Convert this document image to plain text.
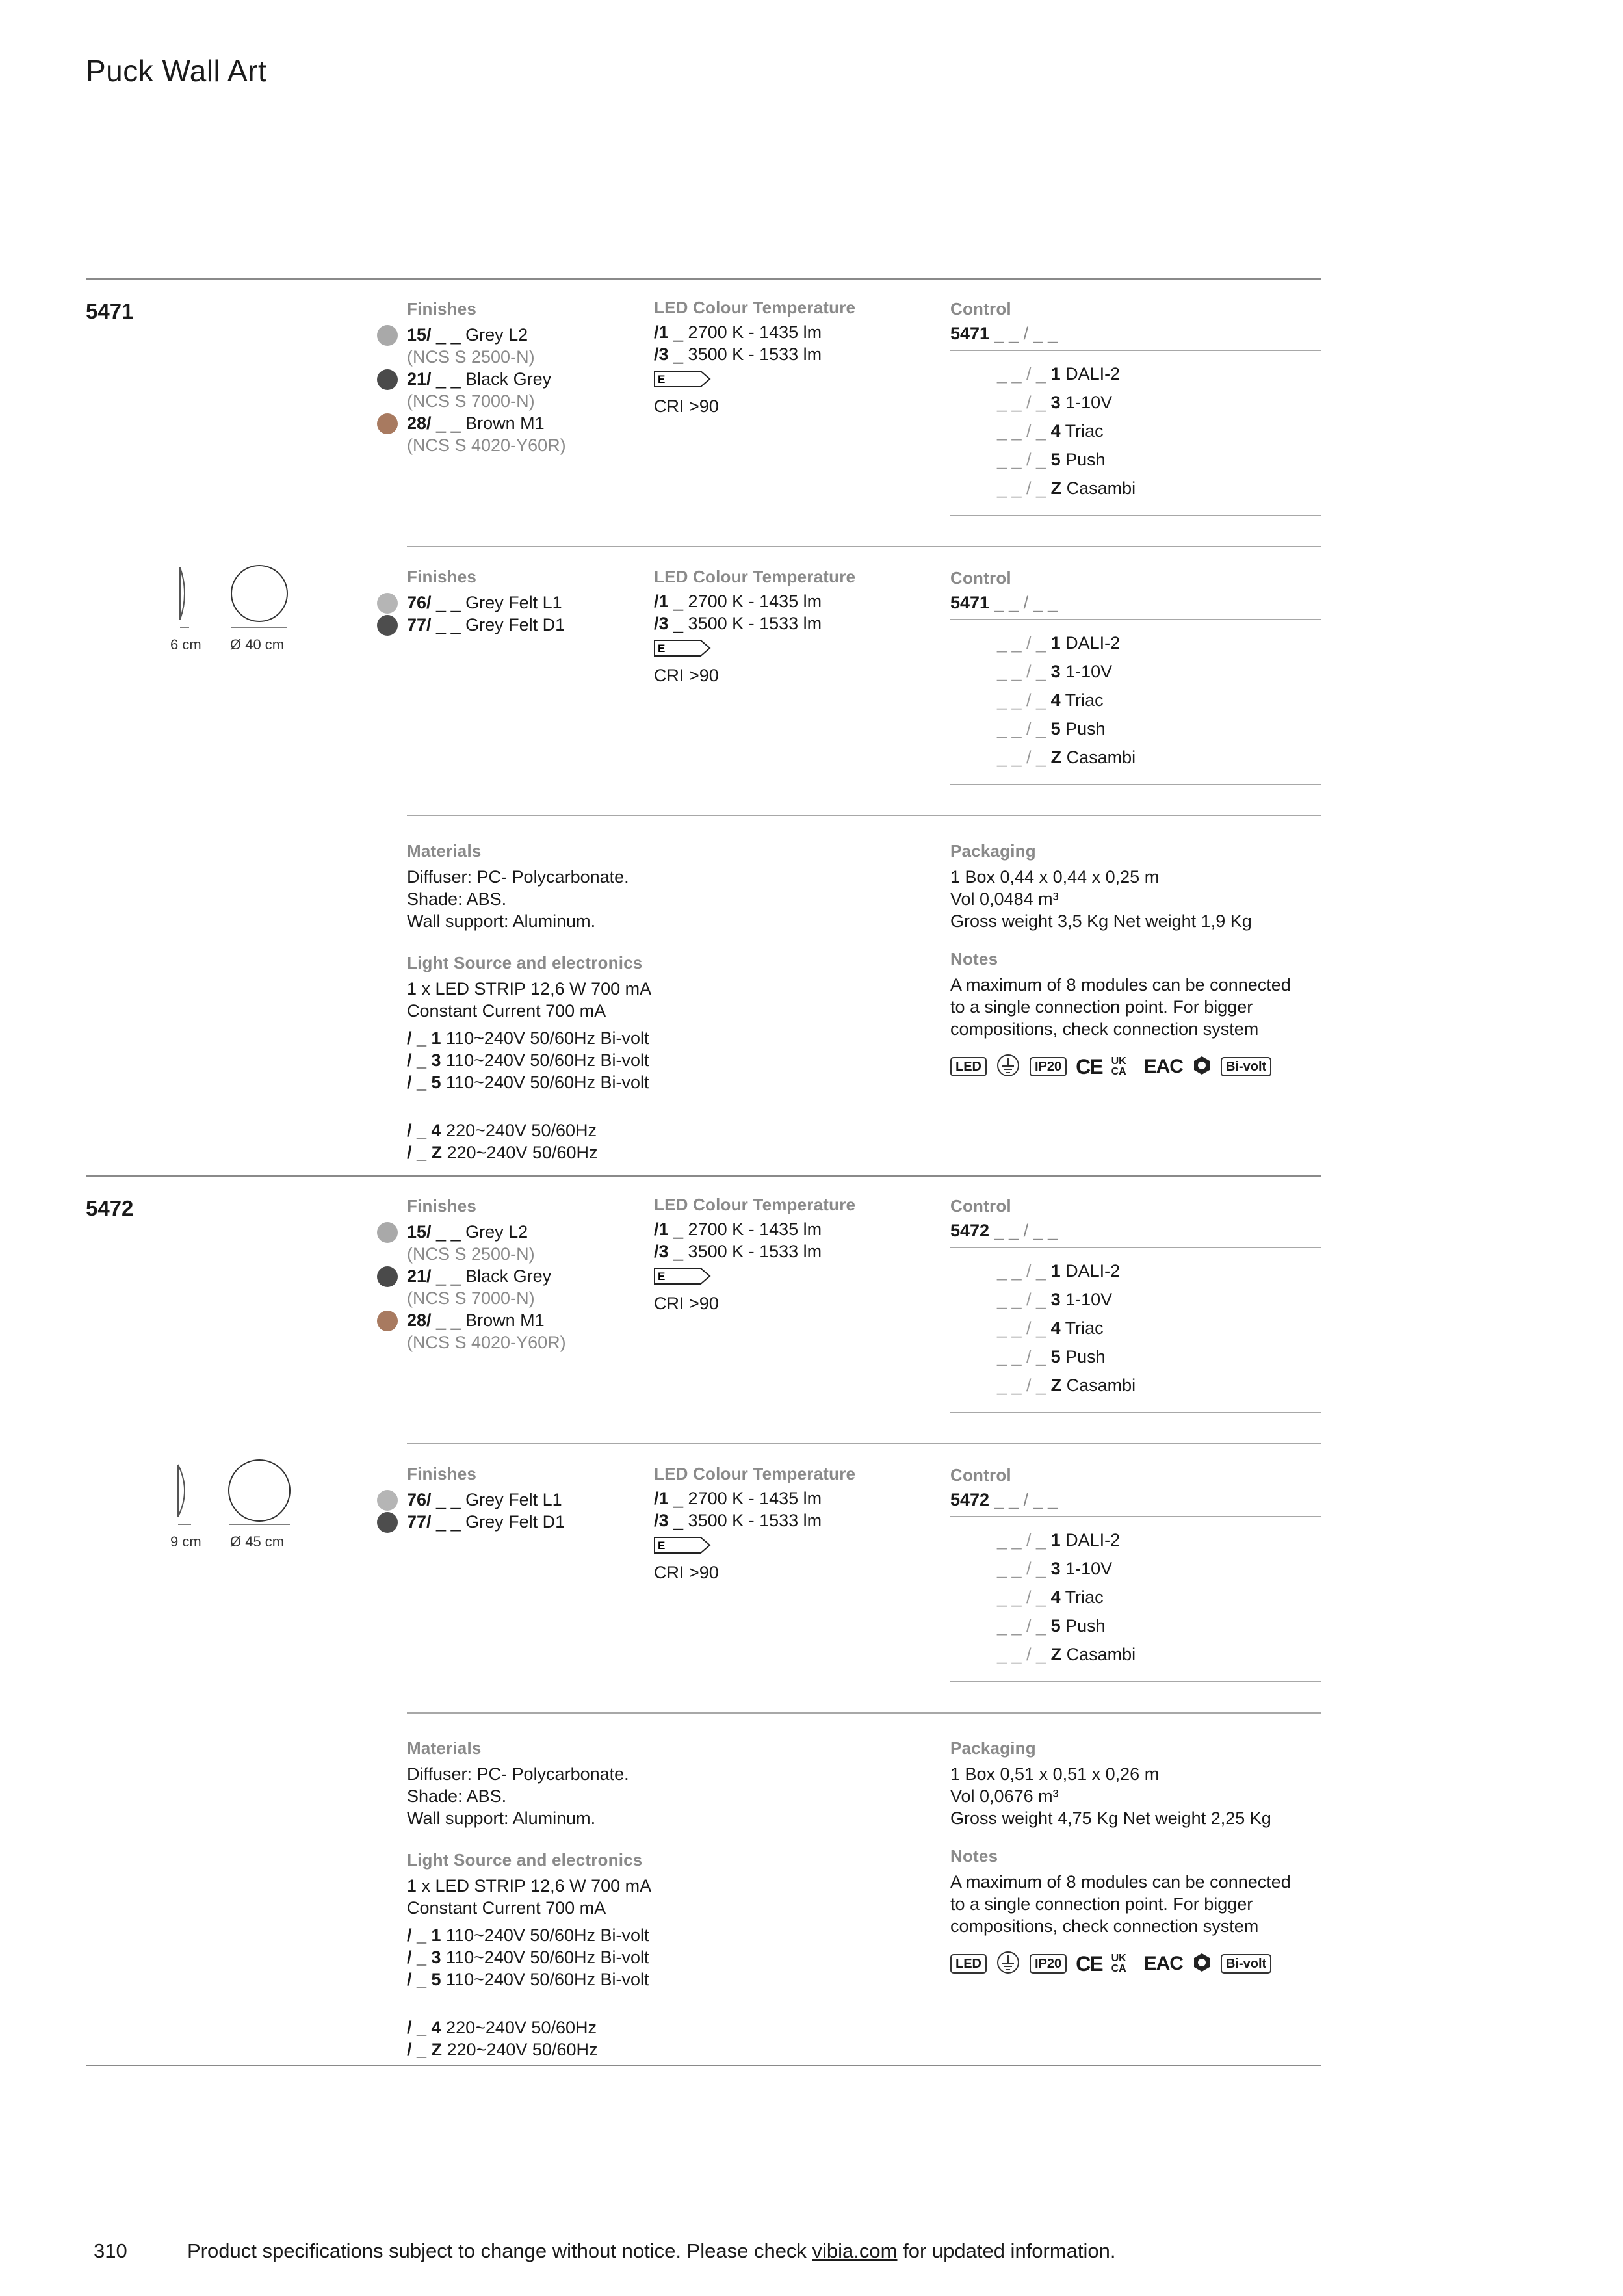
Puck Wall Art
5471	Finishes
15/ _ _ Grey L2
(NCS S 2500-N)
21/ _ _ Black Grey
(NCS S 7000-N)
28/ _ _ Brown M1
(NCS S 4020-Y60R)
LED Colour Temperature
/1 _ 2700 K - 1435 lm
/3 _ 3500 K - 1533 lm
E
CRI >90
Control
5471 _ _ / _ _
_ _ / _ 1 DALI-2
_ _ / _ 3 1-10V
_ _ / _ 4 Triac
_ _ / _ 5 Push
_ _ / _ Z Casambi
Finishes
76/ _ _ Grey Felt L1
77/ _ _ Grey Felt D1
LED Colour Temperature
/1 _ 2700 K - 1435 lm
/3 _ 3500 K - 1533 lm
E
CRI >90
Control
5471 _ _ / _ _
_ _ / _ 1 DALI-2
_ _ / _ 3 1-10V
_ _ / _ 4 Triac
_ _ / _ 5 Push
_ _ / _ Z Casambi
6 cm Ø 40 cm
Materials
Diffuser: PC- Polycarbonate.
Shade: ABS.
Wall support: Aluminum.
Light Source and electronics
1 x LED STRIP 12,6 W 700 mA
Constant Current 700 mA
/ _ 1 110~240V 50/60Hz Bi-volt
/ _ 3 110~240V 50/60Hz Bi-volt
/ _ 5 110~240V 50/60Hz Bi-volt
/ _ 4 220~240V 50/60Hz
/ _ Z 220~240V 50/60Hz
Packaging
1 Box 0,44 x 0,44 x 0,25 m
Vol 0,0484 m³
Gross weight 3,5 Kg Net weight 1,9 Kg
Notes
A maximum of 8 modules can be connected
to a single connection point. For bigger
compositions, check connection system
LED	IP20 CE UK CA EAC	Bi-volt
5472	Finishes
15/ _ _ Grey L2
(NCS S 2500-N)
21/ _ _ Black Grey
(NCS S 7000-N)
28/ _ _ Brown M1
(NCS S 4020-Y60R)
LED Colour Temperature
/1 _ 2700 K - 1435 lm
/3 _ 3500 K - 1533 lm
E
CRI >90
Control
5472 _ _ / _ _
_ _ / _ 1 DALI-2
_ _ / _ 3 1-10V
_ _ / _ 4 Triac
_ _ / _ 5 Push
_ _ / _ Z Casambi
Finishes
76/ _ _ Grey Felt L1
77/ _ _ Grey Felt D1
LED Colour Temperature
/1 _ 2700 K - 1435 lm
/3 _ 3500 K - 1533 lm
E
CRI >90
Control
5472 _ _ / _ _
_ _ / _ 1 DALI-2
_ _ / _ 3 1-10V
_ _ / _ 4 Triac
_ _ / _ 5 Push
_ _ / _ Z Casambi
9 cm Ø 45 cm
Materials
Diffuser: PC- Polycarbonate.
Shade: ABS.
Wall support: Aluminum.
Light Source and electronics
1 x LED STRIP 12,6 W 700 mA
Constant Current 700 mA
/ _ 1 110~240V 50/60Hz Bi-volt
/ _ 3 110~240V 50/60Hz Bi-volt
/ _ 5 110~240V 50/60Hz Bi-volt
/ _ 4 220~240V 50/60Hz
/ _ Z 220~240V 50/60Hz
Packaging
1 Box 0,51 x 0,51 x 0,26 m
Vol 0,0676 m³
Gross weight 4,75 Kg Net weight 2,25 Kg
Notes
A maximum of 8 modules can be connected
to a single connection point. For bigger
compositions, check connection system
LED	IP20 CE UK CA EAC	Bi-volt
310	Product specifications subject to change without notice. Please check vibia.com for updated information.
